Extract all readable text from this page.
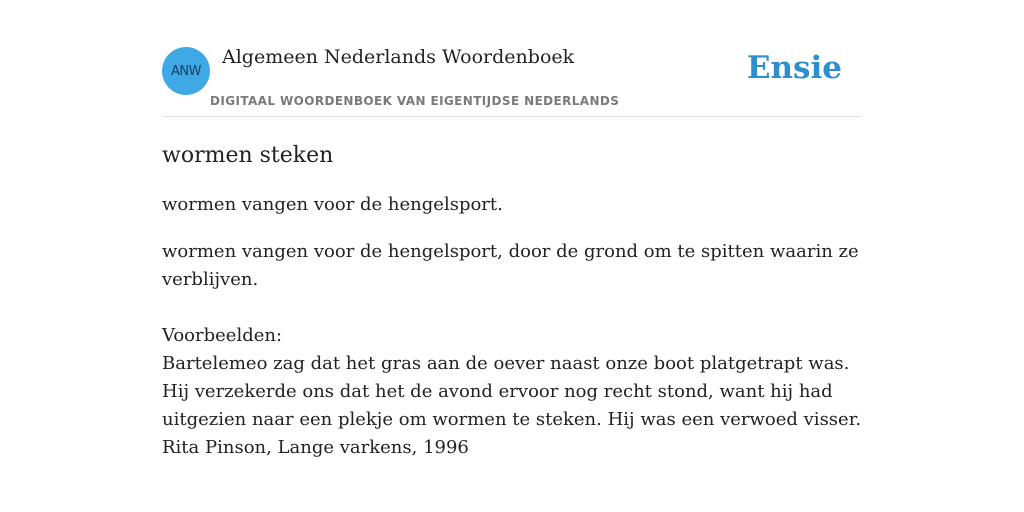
ANW
Algemeen Nederlands Woordenboek
DIGITAAL WOORDENBOEK VAN EIGENTIJDSE NEDERLANDS
Ensie
wormen steken
wormen vangen voor de hengelsport.
wormen vangen voor de hengelsport, door de grond om te spitten waarin ze verblijven.
Voorbeelden:
Bartelemeo zag dat het gras aan de oever naast onze boot platgetrapt was. Hij verzekerde ons dat het de avond ervoor nog recht stond, want hij had uitgezien naar een plekje om wormen te steken. Hij was een verwoed visser.
Rita Pinson, Lange varkens, 1996
